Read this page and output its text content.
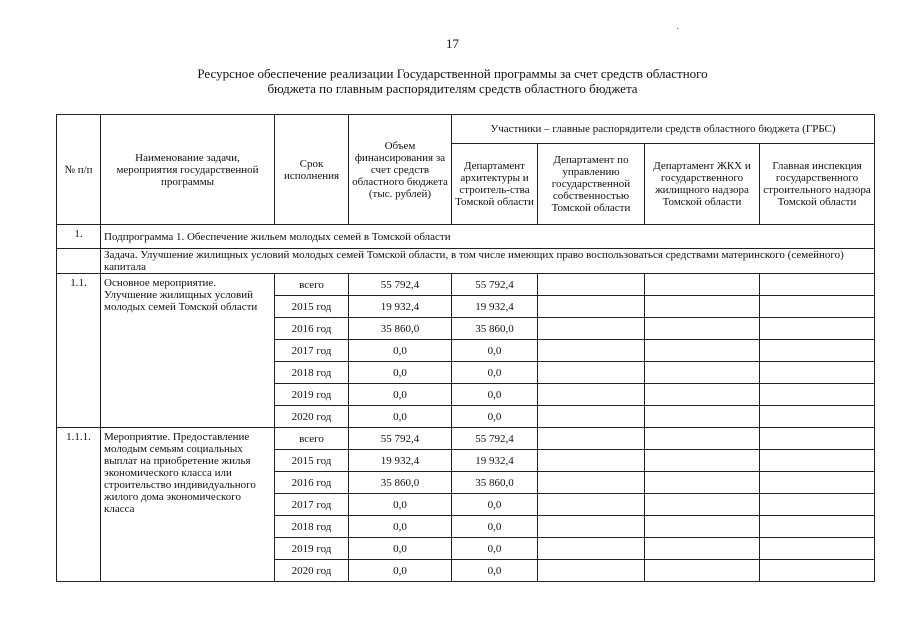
·
17
Ресурсное обеспечение реализации Государственной программы за счет средств областного
бюджета по главным распорядителям средств областного бюджета
№ п/п	Наименование задачи, мероприятия государственной программы	Срок исполнения	Объем финансирования за счет средств областного бюджета (тыс. рублей)	Участники – главные распорядители средств областного бюджета (ГРБС)			
				Департамент архитектуры и строитель-ства Томской области	Департамент по управлению государственной собственностью Томской области	Департамент ЖКХ и государственного жилищного надзора Томской области	Главная инспекция государственного строительного надзора Томской области
1.	Подпрограмма 1. Обеспечение жильем молодых семей в Томской области						
	Задача. Улучшение жилищных условий молодых семей Томской области, в том числе имеющих право воспользоваться средствами материнского (семейного) капитала						
1.1.	Основное мероприятие. Улучшение жилищных условий молодых семей Томской области	всего	55 792,4	55 792,4			
		2015 год	19 932,4	19 932,4			
		2016 год	35 860,0	35 860,0			
		2017 год	0,0	0,0			
		2018 год	0,0	0,0			
		2019 год	0,0	0,0			
		2020 год	0,0	0,0			
1.1.1.	Мероприятие. Предоставление молодым семьям социальных выплат на приобретение жилья экономического класса или строительство индивидуального жилого дома экономического класса	всего	55 792,4	55 792,4			
		2015 год	19 932,4	19 932,4			
		2016 год	35 860,0	35 860,0			
		2017 год	0,0	0,0			
		2018 год	0,0	0,0			
		2019 год	0,0	0,0			
		2020 год	0,0	0,0			
